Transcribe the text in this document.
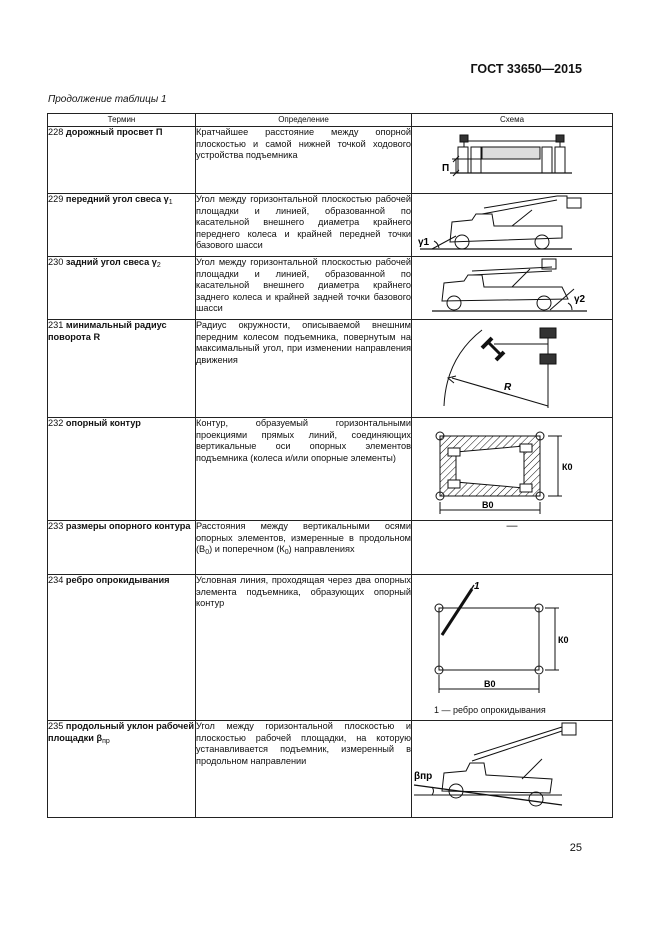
ГОСТ 33650—2015
Продолжение таблицы 1
Термин	Определение	Схема
228 дорожный просвет П	Кратчайшее расстояние между опорной плоскостью и самой нижней точкой ходового устройства подъемника	П

229 передний угол свеса $\gamma_1$	Угол между горизонтальной плоскостью рабочей площадки и линией, образованной по касательной внешнего диаметра крайнего переднего колеса и крайней передней точки базового шасси	γ1

230 задний угол свеса $\gamma_2$	Угол между горизонтальной плоскостью рабочей площадки и линией, образованной по касательной внешнего диаметра крайнего заднего колеса и крайней задней точки базового шасси	γ2

231 минимальный радиус поворота R	Радиус окружности, описываемой внешним передним колесом подъемника, повернутым на максимальный угол, при изменении направления движения	R

232 опорный контур	Контур, образуемый горизонтальными проекциями прямых линий, соединяющих вертикальные оси опорных элементов подъемника (колеса и/или опорные элементы)	В0
К0

233 размеры опорного контура	Расстояния между вертикальными осями опорных элементов, измеренные в продольном $(В_0)$ и поперечном $(К_0)$ направлениях	—
234 ребро опрокидывания	Условная линия, проходящая через два опорных элемента подъемника, образующих опорный контур	1
В0
К0
1 — ребро опрокидывания

235 продольный уклон рабочей площадки $\beta_{пр}$	Угол между горизонтальной плоскостью и плоскостью рабочей площадки, на которую устанавливается подъемник, измеренный в продольном направлении	βпр
25
